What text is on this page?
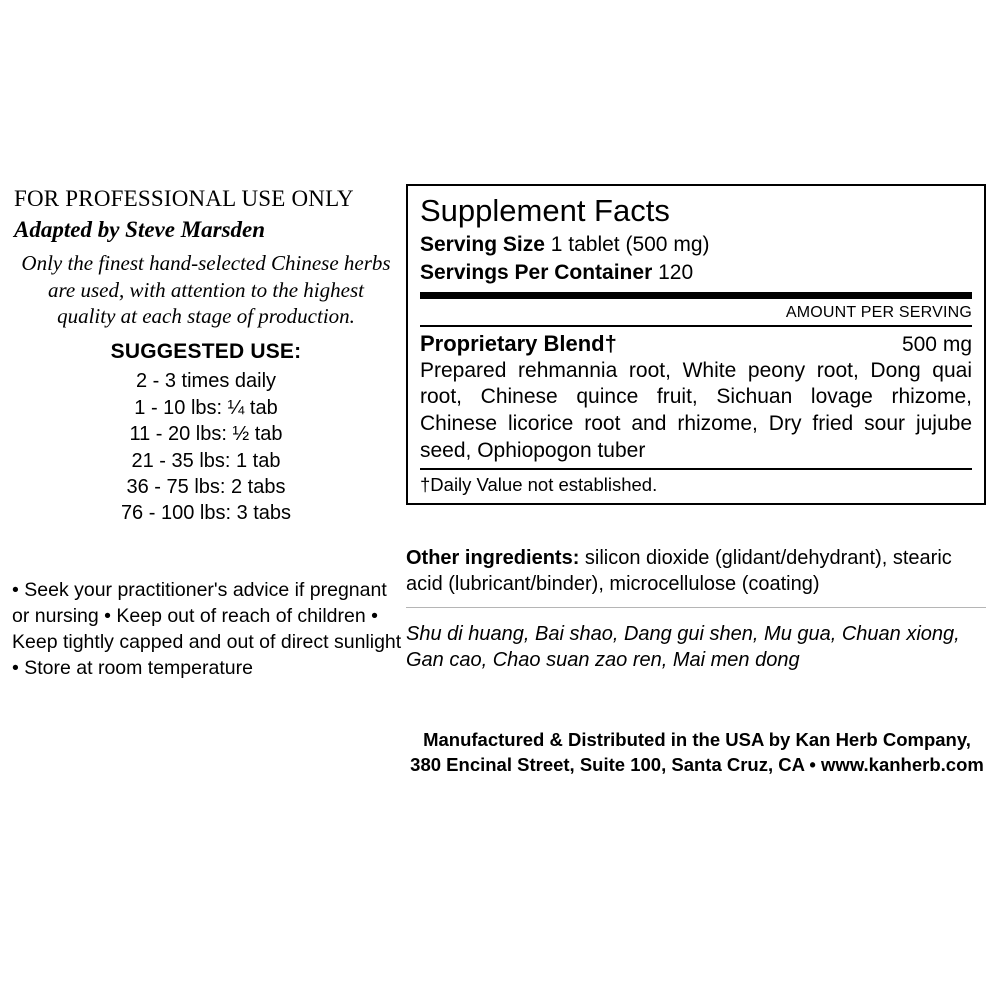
FOR PROFESSIONAL USE ONLY
Adapted by Steve Marsden
Only the finest hand-selected Chinese herbs are used, with attention to the highest quality at each stage of production.
SUGGESTED USE:
2 - 3 times daily
1 - 10 lbs: ¼ tab
11 - 20 lbs: ½ tab
21 - 35 lbs: 1 tab
36 - 75 lbs: 2 tabs
76 - 100 lbs: 3 tabs
• Seek your practitioner's advice if pregnant or nursing • Keep out of reach of children • Keep tightly capped and out of direct sunlight • Store at room temperature
Supplement Facts
Serving Size 1 tablet (500 mg)
Servings Per Container 120
AMOUNT PER SERVING
Proprietary Blend†	500 mg
Prepared rehmannia root, White peony root, Dong quai root, Chinese quince fruit, Sichuan lovage rhizome, Chinese licorice root and rhizome, Dry fried sour jujube seed, Ophiopogon tuber
†Daily Value not established.
Other ingredients: silicon dioxide (glidant/dehydrant), stearic acid (lubricant/binder), microcellulose (coating)
Shu di huang, Bai shao, Dang gui shen, Mu gua, Chuan xiong, Gan cao, Chao suan zao ren, Mai men dong
Manufactured & Distributed in the USA by Kan Herb Company,
380 Encinal Street, Suite 100, Santa Cruz, CA • www.kanherb.com
